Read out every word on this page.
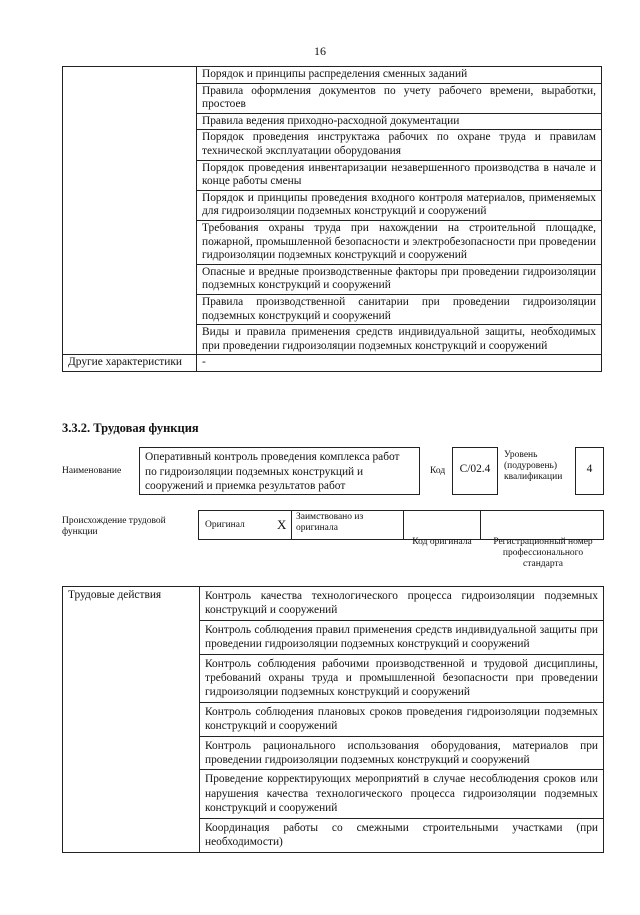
16
	Порядок и принципы распределения сменных заданий
	Правила оформления документов по учету рабочего времени, выработки, простоев
	Правила ведения приходно-расходной документации
	Порядок проведения инструктажа рабочих по охране труда и правилам технической эксплуатации оборудования
	Порядок проведения инвентаризации незавершенного производства в начале и конце работы смены
	Порядок и принципы проведения входного контроля материалов, применяемых для гидроизоляции подземных конструкций и сооружений
	Требования охраны труда при нахождении на строительной площадке, пожарной, промышленной безопасности и электробезопасности при проведении гидроизоляции подземных конструкций и сооружений
	Опасные и вредные производственные факторы при проведении гидроизоляции подземных конструкций и сооружений
	Правила производственной санитарии при проведении гидроизоляции подземных конструкций и сооружений
	Виды и правила применения средств индивидуальной защиты, необходимых при проведении гидроизоляции подземных конструкций и сооружений
Другие характеристики	-
3.3.2. Трудовая функция
Наименование
Оперативный контроль проведения комплекса работ по гидроизоляции подземных конструкций и сооружений и приемка результатов работ
Код	C/02.4
Уровень (подуровень) квалификации
4
Происхождение трудовой функции
Оригинал X	Заимствовано из оригинала
Код оригинала	Регистрационный номер профессионального стандарта
Трудовые действия	Контроль качества технологического процесса гидроизоляции подземных конструкций и сооружений
Контроль соблюдения правил применения средств индивидуальной защиты при проведении гидроизоляции подземных конструкций и сооружений
Контроль соблюдения рабочими производственной и трудовой дисциплины, требований охраны труда и промышленной безопасности при проведении гидроизоляции подземных конструкций и сооружений
Контроль соблюдения плановых сроков проведения гидроизоляции подземных конструкций и сооружений
Контроль рационального использования оборудования, материалов при проведении гидроизоляции подземных конструкций и сооружений
Проведение корректирующих мероприятий в случае несоблюдения сроков или нарушения качества технологического процесса гидроизоляции подземных конструкций и сооружений
Координация работы со смежными строительными участками (при необходимости)
